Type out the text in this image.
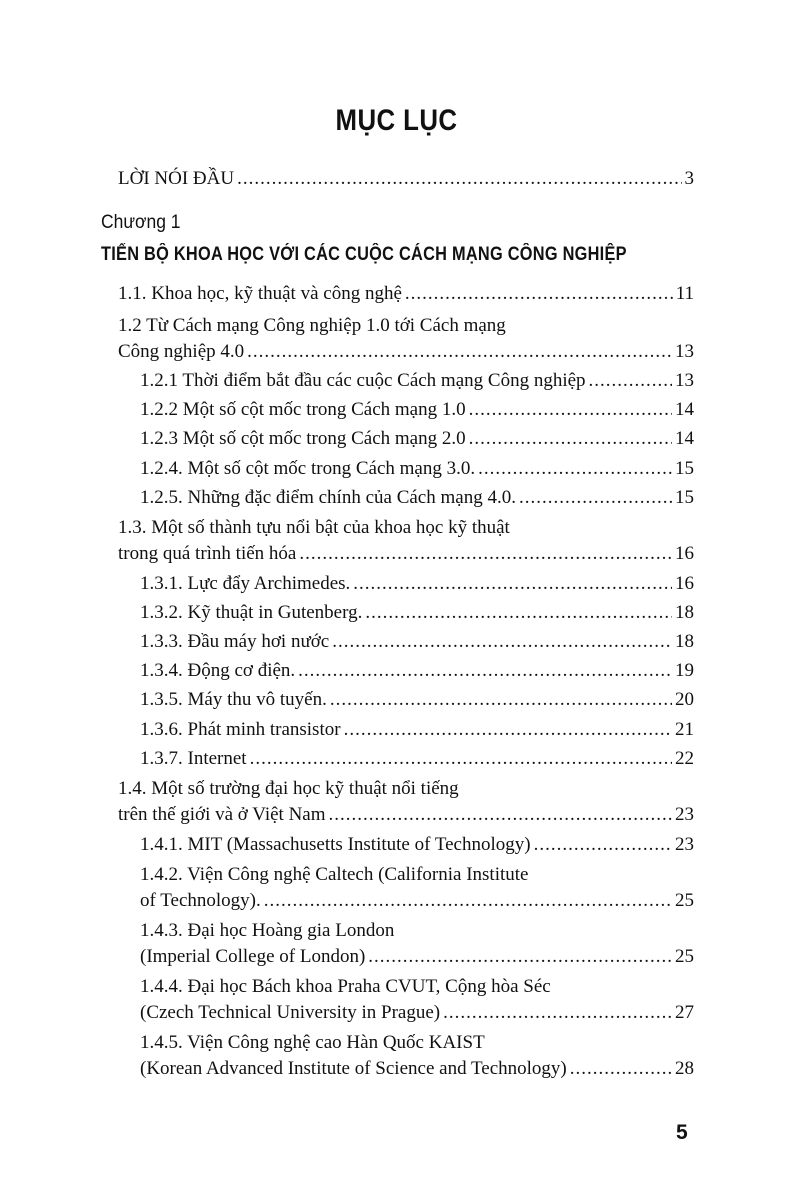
MỤC LỤC
LỜI NÓI ĐẦU .....	3
Chương 1
TIẾN BỘ KHOA HỌC VỚI CÁC CUỘC CÁCH MẠNG CÔNG NGHIỆP
1.1. Khoa học, kỹ thuật và công nghệ .....	11
1.2 Từ Cách mạng Công nghiệp 1.0 tới Cách mạng
Công nghiệp 4.0 .....	13
1.2.1 Thời điểm bắt đầu các cuộc Cách mạng Công nghiệp .....	13
1.2.2 Một số cột mốc trong Cách mạng 1.0 .....	14
1.2.3 Một số cột mốc trong Cách mạng 2.0 .....	14
1.2.4. Một số cột mốc trong Cách mạng 3.0. .....	15
1.2.5. Những đặc điểm chính của Cách mạng 4.0. .....	15
1.3. Một số thành tựu nổi bật của khoa học kỹ thuật
trong quá trình tiến hóa .....	16
1.3.1. Lực đẩy Archimedes. .....	16
1.3.2. Kỹ thuật in Gutenberg. .....	18
1.3.3. Đầu máy hơi nước .....	18
1.3.4. Động cơ điện. .....	19
1.3.5. Máy thu vô tuyến. .....	20
1.3.6. Phát minh transistor .....	21
1.3.7. Internet .....	22
1.4. Một số trường đại học kỹ thuật nổi tiếng
trên thế giới và ở Việt Nam .....	23
1.4.1. MIT (Massachusetts Institute of Technology) .....	23
1.4.2. Viện Công nghệ Caltech (California Institute
of Technology). .....	25
1.4.3. Đại học Hoàng gia London
(Imperial College of London) .....	25
1.4.4. Đại học Bách khoa Praha CVUT, Cộng hòa Séc
(Czech Technical University in Prague) .....	27
1.4.5. Viện Công nghệ cao Hàn Quốc KAIST
(Korean Advanced Institute of Science and Technology) .....	28
5
